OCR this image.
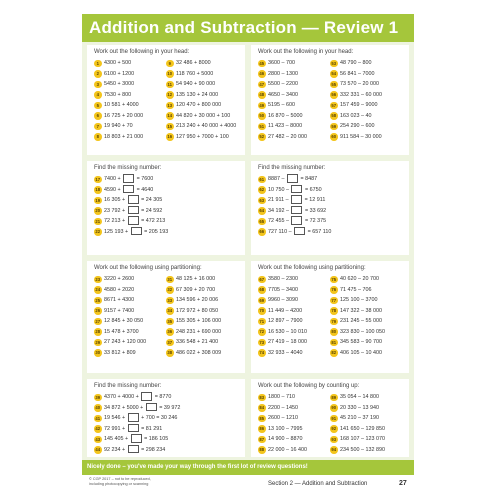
Addition and Subtraction — Review 1
Work out the following in your head:
1 4300 + 500	9 32 486 + 8000
2 6100 + 1200	10 118 760 + 5000
3 5450 + 3000	11 54 940 + 90 000
4 7530 + 800	12 135 130 + 24 000
5 10 581 + 4000	13 120 470 + 800 000
6 16 725 + 20 000	14 44 820 + 30 000 + 100
7 19 940 + 70	15 213 240 + 40 000 + 4000
8 18 803 + 21 000	16 127 950 + 7000 + 100
Work out the following in your head:
45 3600 – 700	53 48 790 – 800
46 2800 – 1300	54 56 841 – 7000
47 5500 – 2200	55 73 570 – 20 000
48 4650 – 3400	56 332 331 – 60 000
49 5195 – 600	57 157 459 – 9000
50 16 870 – 5000	58 163 023 – 40
51 11 423 – 8000	59 254 290 – 600
52 27 482 – 20 000	60 911 584 – 30 000
Find the missing number:
17 7400 +  = 7600
18 4590 +  = 4640
19 16 305 +  = 24 305
20 23 792 +  = 24 592
21 72 213 +  = 472 213
22 125 193 +  = 205 193
Find the missing number:
61 8887 –  = 8487
62 10 750 –  = 6750
63 21 911 –  = 12 911
64 34 192 –  = 33 692
65 72 455 –  = 72 375
66 727 110 –  = 657 110
Work out the following using partitioning:
23 3220 + 2600	31 48 125 + 16 000
24 4580 + 2020	32 67 309 + 20 700
25 8671 + 4300	33 134 596 + 20 006
26 9157 + 7400	34 172 972 + 80 050
27 12 845 + 30 050	35 155 305 + 106 000
28 15 478 + 3700	36 248 231 + 690 000
29 27 243 + 120 000	37 336 548 + 21 400
30 33 812 + 809	38 486 022 + 308 009
Work out the following using partitioning:
67 3580 – 2300	75 40 620 – 20 700
68 7705 – 3400	76 71 475 – 706
69 9960 – 3090	77 125 100 – 3700
70 11 449 – 4200	78 147 322 – 38 000
71 12 897 – 7900	79 231 245 – 55 000
72 16 530 – 10 010	80 323 830 – 100 050
73 27 419 – 18 000	81 345 583 – 90 700
74 32 933 – 4040	82 406 105 – 10 400
Find the missing number:
39 4370 + 4000 +  = 8770
40 34 872 + 5000 +  = 39 972
41 19 546 +  + 700 = 30 246
42 72 991 +  = 81 291
43 145 405 +  = 186 105
44 92 234 +  = 298 234
Work out the following by counting up:
83 1800 – 710	89 35 054 – 14 800
84 2200 – 1450	90 20 330 – 13 940
85 2600 – 1210	91 45 210 – 37 190
86 13 100 – 7995	92 141 650 – 129 850
87 14 900 – 8870	93 168 107 – 123 070
88 22 000 – 16 400	94 234 500 – 132 890
Nicely done – you've made your way through the first lot of review questions!
© CGP 2017 – not to be reproduced,
including photocopying or scanning	Section 2 — Addition and Subtraction	27
